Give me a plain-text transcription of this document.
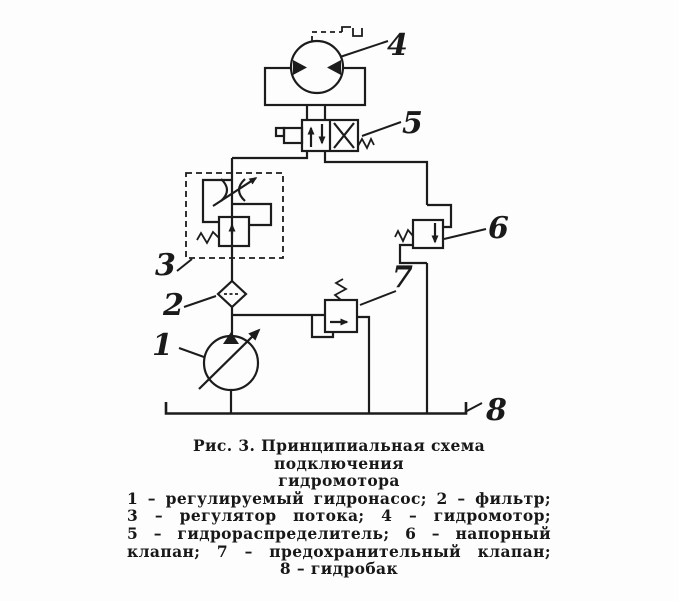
4
5
3
2
1
6
7
8
Рис. 3. Принципиальная схема подключения
гидромотора
1 – регулируемый гидронасос; 2 – фильтр;
3 – регулятор потока; 4 – гидромотор;
5 – гидрораспределитель; 6 – напорный
клапан; 7 – предохранительный клапан;
8 – гидробак
